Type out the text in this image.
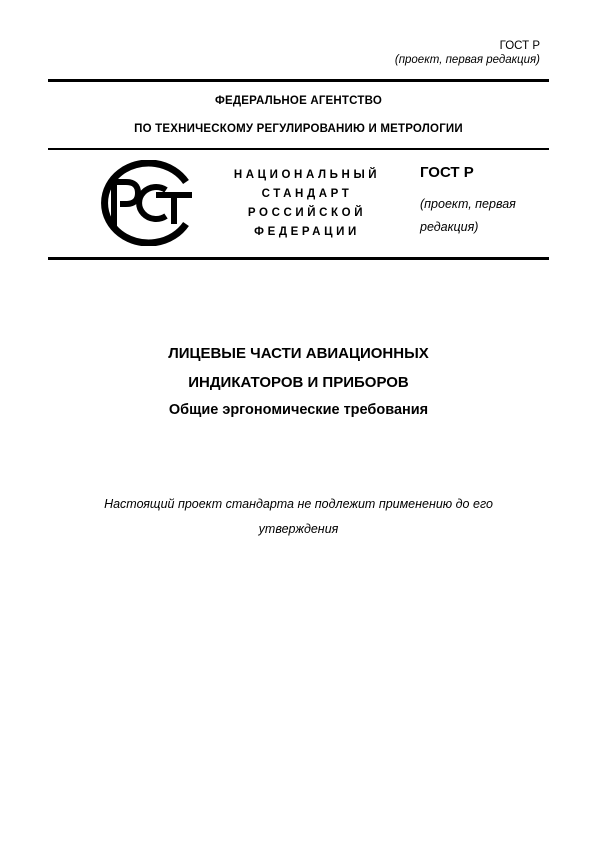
ГОСТ Р
(проект, первая редакция)
ФЕДЕРАЛЬНОЕ АГЕНТСТВО
ПО ТЕХНИЧЕСКОМУ РЕГУЛИРОВАНИЮ И МЕТРОЛОГИИ
НАЦИОНАЛЬНЫЙ
СТАНДАРТ
РОССИЙСКОЙ
ФЕДЕРАЦИИ
ГОСТ Р
(проект, первая
редакция)
ЛИЦЕВЫЕ ЧАСТИ АВИАЦИОННЫХ
ИНДИКАТОРОВ И ПРИБОРОВ
Общие эргономические требования
Настоящий проект стандарта не подлежит применению до его
утверждения
